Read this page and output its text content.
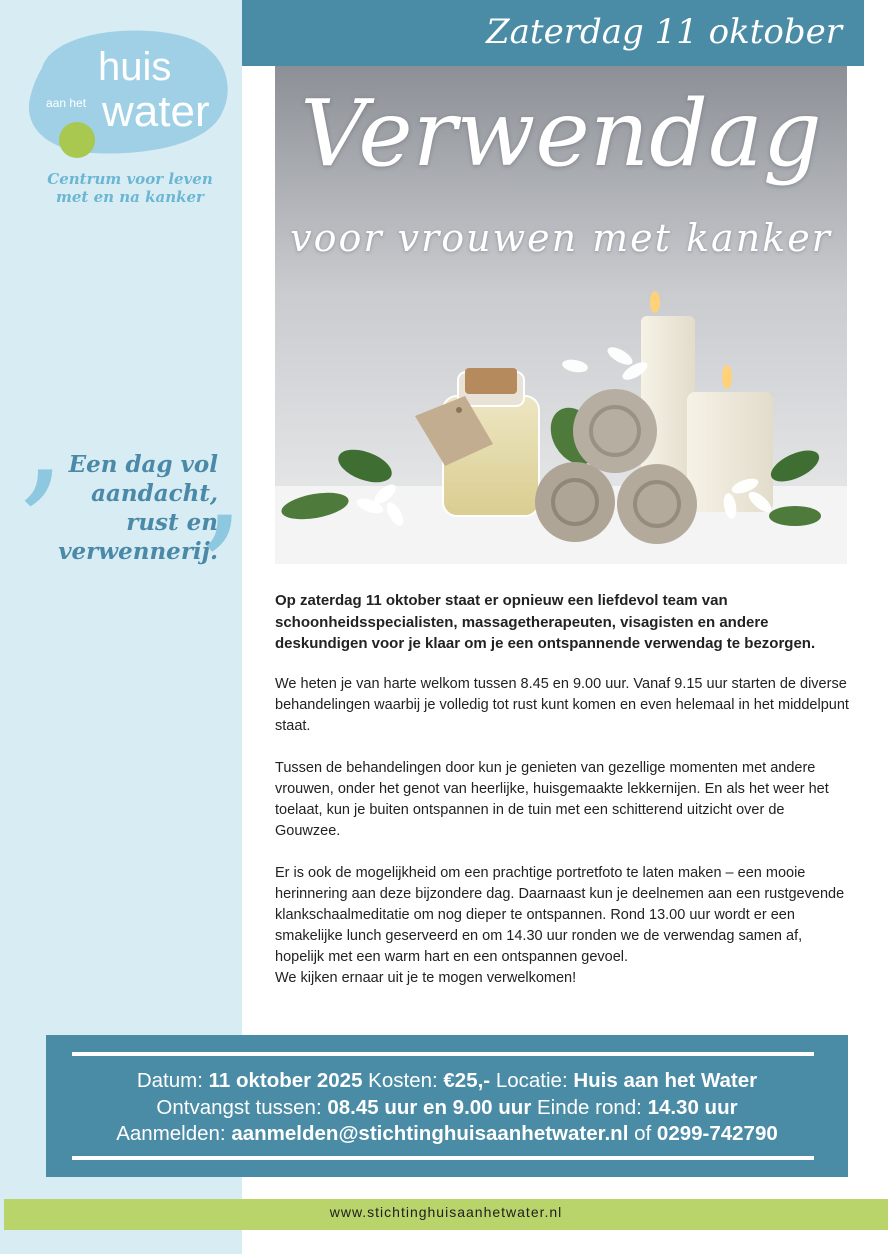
huis
aan het water
Centrum voor leven
met en na kanker
‚ Een dag vol
aandacht,
rust en
verwennerij.
’
Zaterdag 11 oktober
Verwendag
voor vrouwen met kanker

Op zaterdag 11 oktober staat er opnieuw een liefdevol team van schoonheidsspecialisten, massagetherapeuten, visagisten en andere deskundigen voor je klaar om je een ontspannende verwendag te bezorgen.

We heten je van harte welkom tussen 8.45 en 9.00 uur. Vanaf 9.15 uur starten de diverse behandelingen waarbij je volledig tot rust kunt komen en even helemaal in het middelpunt staat.

Tussen de behandelingen door kun je genieten van gezellige momenten met andere vrouwen, onder het genot van heerlijke, huisgemaakte lekkernijen. En als het weer het toelaat, kun je buiten ontspannen in de tuin met een schitterend uitzicht over de Gouwzee.

Er is ook de mogelijkheid om een prachtige portretfoto te laten maken – een mooie herinnering aan deze bijzondere dag. Daarnaast kun je deelnemen aan een rustgevende klankschaalmeditatie om nog dieper te ontspannen. Rond 13.00 uur wordt er een smakelijke lunch geserveerd en om 14.30 uur ronden we de verwendag samen af, hopelijk met een warm hart en een ontspannen gevoel.

We kijken ernaar uit je te mogen verwelkomen!

Datum: 11 oktober 2025 Kosten: €25,- Locatie: Huis aan het Water
Ontvangst tussen: 08.45 uur en 9.00 uur Einde rond: 14.30 uur
Aanmelden: aanmelden@stichtinghuisaanhetwater.nl of 0299-742790
www.stichtinghuisaanhetwater.nl
